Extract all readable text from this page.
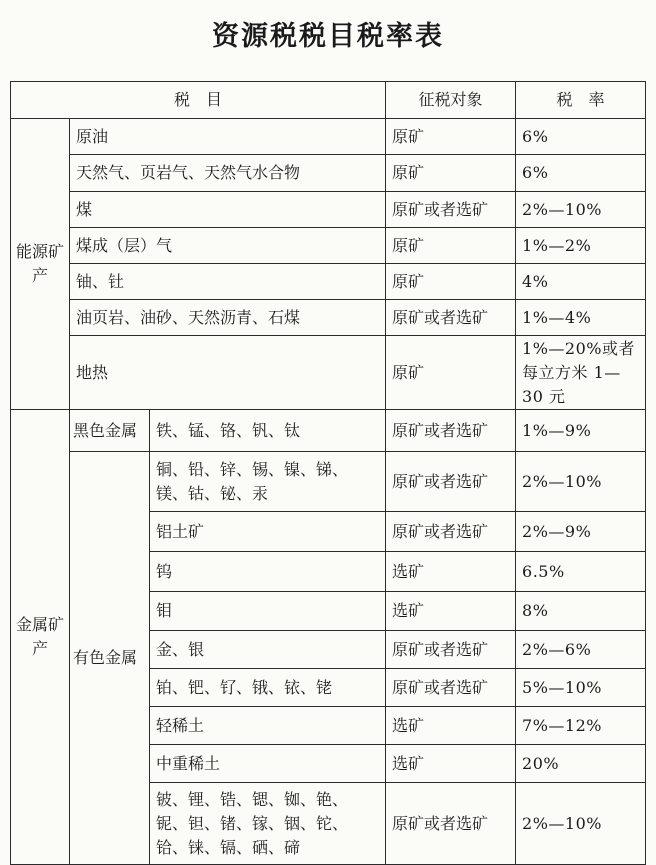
资源税税目税率表
税　目			征税对象	税　率
能源矿产	原油		原矿	6%
	天然气、页岩气、天然气水合物		原矿	6%
	煤		原矿或者选矿	2%—10%
	煤成（层）气		原矿	1%—2%
	铀、钍		原矿	4%
	油页岩、油砂、天然沥青、石煤		原矿或者选矿	1%—4%
	地热		原矿	1%—20%或者每立方米 1—30 元
金属矿产	黑色金属	铁、锰、铬、钒、钛	原矿或者选矿	1%—9%
	有色金属	铜、铅、锌、锡、镍、锑、镁、钴、铋、汞	原矿或者选矿	2%—10%
		铝土矿	原矿或者选矿	2%—9%
		钨	选矿	6.5%
		钼	选矿	8%
		金、银	原矿或者选矿	2%—6%
		铂、钯、钌、锇、铱、铑	原矿或者选矿	5%—10%
		轻稀土	选矿	7%—12%
		中重稀土	选矿	20%
		铍、锂、锆、锶、铷、铯、铌、钽、锗、镓、铟、铊、铪、铼、镉、硒、碲	原矿或者选矿	2%—10%
